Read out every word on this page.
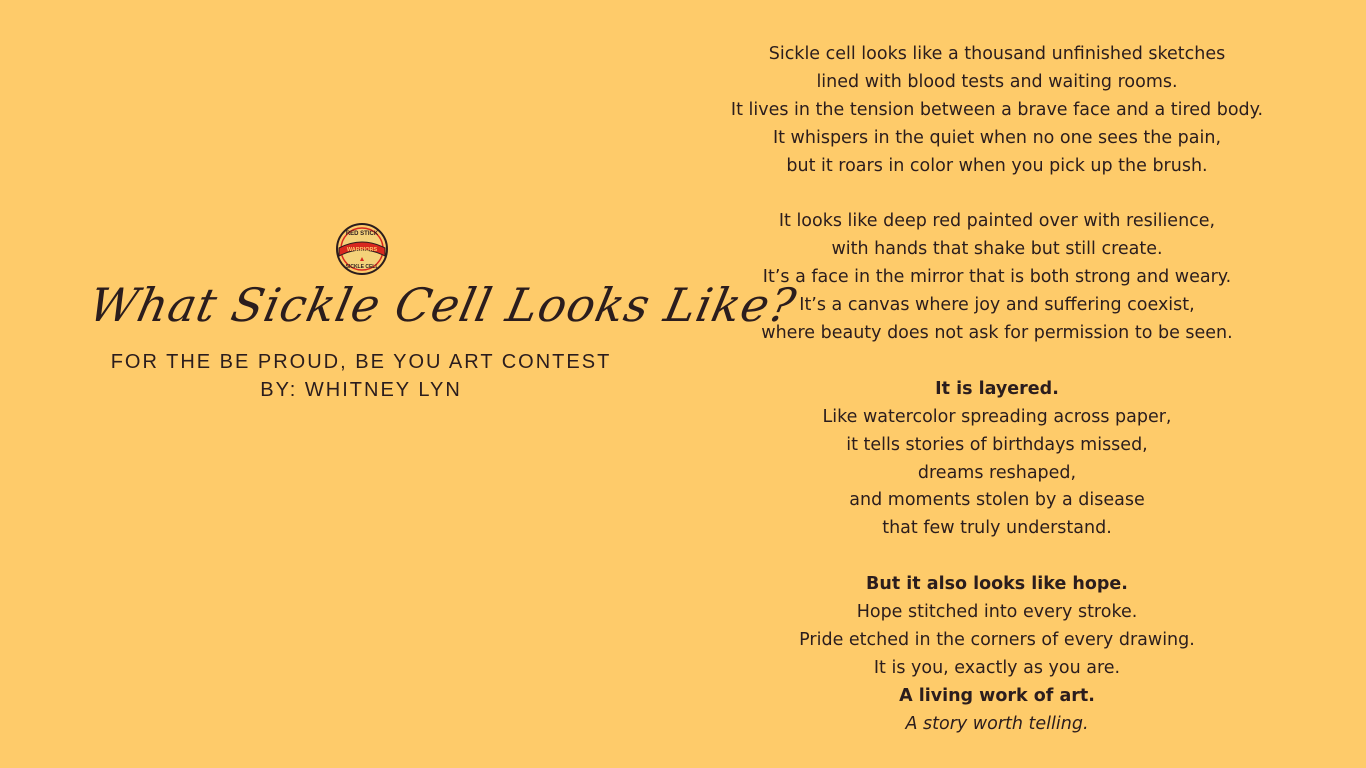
RED STICK
WARRIORS
SICKLE CELL
What Sickle Cell Looks Like?
FOR THE BE PROUD, BE YOU ART CONTEST
BY: WHITNEY LYN
Sickle cell looks like a thousand unfinished sketches
lined with blood tests and waiting rooms.
It lives in the tension between a brave face and a tired body.
It whispers in the quiet when no one sees the pain,
but it roars in color when you pick up the brush.
It looks like deep red painted over with resilience,
with hands that shake but still create.
It’s a face in the mirror that is both strong and weary.
It’s a canvas where joy and suffering coexist,
where beauty does not ask for permission to be seen.
It is layered.
Like watercolor spreading across paper,
it tells stories of birthdays missed,
dreams reshaped,
and moments stolen by a disease
that few truly understand.
But it also looks like hope.
Hope stitched into every stroke.
Pride etched in the corners of every drawing.
It is you, exactly as you are.
A living work of art.
A story worth telling.
